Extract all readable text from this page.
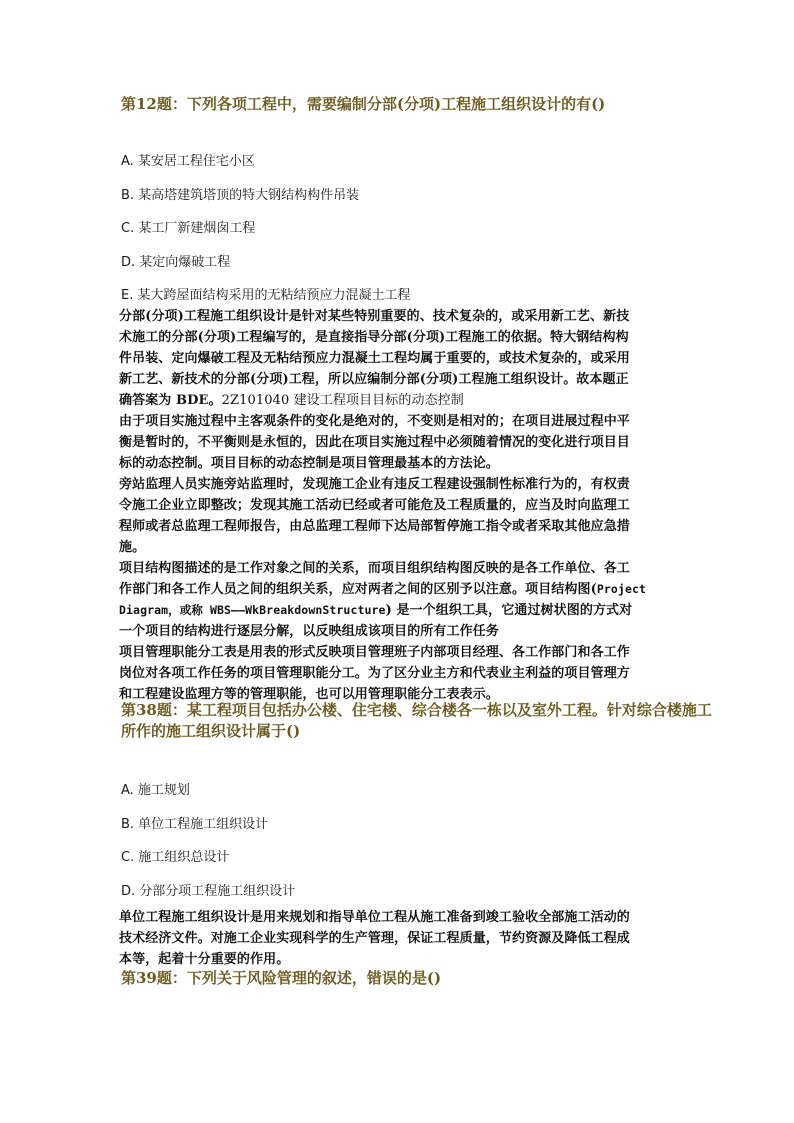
第12题：下列各项工程中，需要编制分部(分项)工程施工组织设计的有()
A. 某安居工程住宅小区
B. 某高塔建筑塔顶的特大钢结构构件吊装
C. 某工厂新建烟囱工程
D. 某定向爆破工程
E. 某大跨屋面结构采用的无粘结预应力混凝土工程
分部(分项)工程施工组织设计是针对某些特别重要的、技术复杂的，或采用新工艺、新技
术施工的分部(分项)工程编写的，是直接指导分部(分项)工程施工的依据。特大钢结构构
件吊装、定向爆破工程及无粘结预应力混凝土工程均属于重要的，或技术复杂的，或采用
新工艺、新技术的分部(分项)工程，所以应编制分部(分项)工程施工组织设计。故本题正
确答案为 BDE。2Z101040 建设工程项目目标的动态控制
由于项目实施过程中主客观条件的变化是绝对的，不变则是相对的；在项目进展过程中平
衡是暂时的，不平衡则是永恒的，因此在项目实施过程中必须随着情况的变化进行项目目
标的动态控制。项目目标的动态控制是项目管理最基本的方法论。
旁站监理人员实施旁站监理时，发现施工企业有违反工程建设强制性标准行为的，有权责
令施工企业立即整改；发现其施工活动已经或者可能危及工程质量的，应当及时向监理工
程师或者总监理工程师报告，由总监理工程师下达局部暂停施工指令或者采取其他应急措
施。
项目结构图描述的是工作对象之间的关系，而项目组织结构图反映的是各工作单位、各工
作部门和各工作人员之间的组织关系，应对两者之间的区别予以注意。项目结构图(Project
Diagram，或称 WBS——WkBreakdownStructure) 是一个组织工具，它通过树状图的方式对
一个项目的结构进行逐层分解，以反映组成该项目的所有工作任务
项目管理职能分工表是用表的形式反映项目管理班子内部项目经理、各工作部门和各工作
岗位对各项工作任务的项目管理职能分工。为了区分业主方和代表业主利益的项目管理方
和工程建设监理方等的管理职能，也可以用管理职能分工表表示。
第38题：某工程项目包括办公楼、住宅楼、综合楼各一栋以及室外工程。针对综合楼施工
所作的施工组织设计属于()
A. 施工规划
B. 单位工程施工组织设计
C. 施工组织总设计
D. 分部分项工程施工组织设计
单位工程施工组织设计是用来规划和指导单位工程从施工准备到竣工验收全部施工活动的
技术经济文件。对施工企业实现科学的生产管理，保证工程质量，节约资源及降低工程成
本等，起着十分重要的作用。
第39题：下列关于风险管理的叙述，错误的是()
